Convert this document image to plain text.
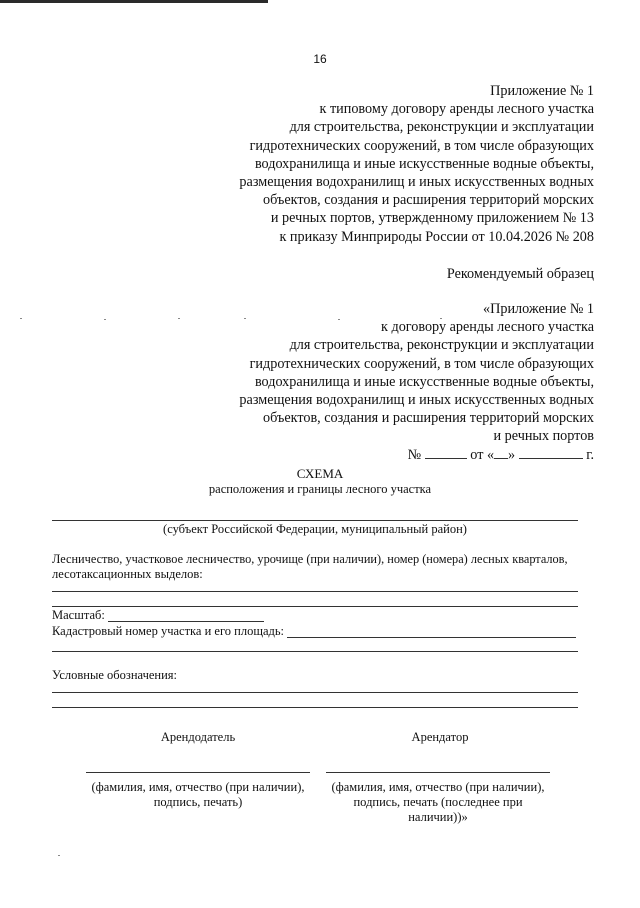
16
Приложение № 1
к типовому договору аренды лесного участка
для строительства, реконструкции и эксплуатации
гидротехнических сооружений, в том числе образующих
водохранилища и иные искусственные водные объекты,
размещения водохранилищ и иных искусственных водных
объектов, создания и расширения территорий морских
и речных портов, утвержденному приложением № 13
к приказу Минприроды России от 10.04.2026 № 208
Рекомендуемый образец
«Приложение № 1
к договору аренды лесного участка
для строительства, реконструкции и эксплуатации
гидротехнических сооружений, в том числе образующих
водохранилища и иные искусственные водные объекты,
размещения водохранилищ и иных искусственных водных
объектов, создания и расширения территорий морских
и речных портов
№	от « »	г.
СХЕМА
расположения и границы лесного участка
(субъект Российской Федерации, муниципальный район)
Лесничество, участковое лесничество, урочище (при наличии), номер (номера) лесных кварталов,
лесотаксационных выделов:
Масштаб:
Кадастровый номер участка и его площадь:
Условные обозначения:
Арендодатель	Арендатор
(фамилия, имя, отчество (при наличии),
подпись, печать)
(фамилия, имя, отчество (при наличии),
подпись, печать (последнее при
наличии))»
